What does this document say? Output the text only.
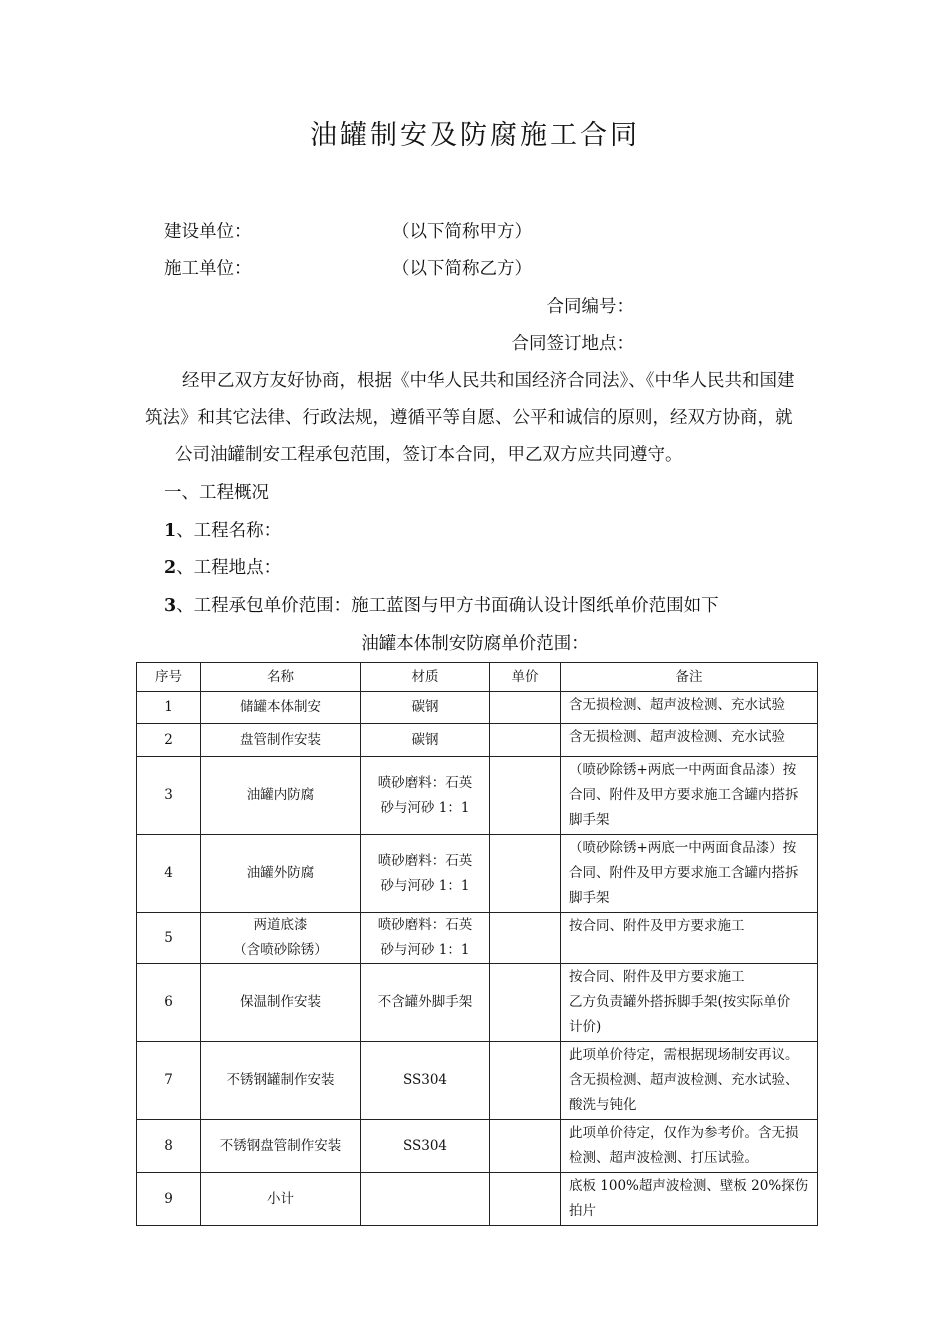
油罐制安及防腐施工合同
建设单位：	（以下简称甲方）
施工单位：	（以下简称乙方）
合同编号：
合同签订地点：

经甲乙双方友好协商，根据《中华人民共和国经济合同法》、《中华人民共和国建筑法》和其它法律、行政法规，遵循平等自愿、公平和诚信的原则，经双方协商，就公司油罐制安工程承包范围，签订本合同，甲乙双方应共同遵守。

一、工程概况
1、工程名称：
2、工程地点：
3、工程承包单价范围：施工蓝图与甲方书面确认设计图纸单价范围如下
油罐本体制安防腐单价范围：
序号	名称	材质	单价	备注
1	储罐本体制安	碳钢		含无损检测、超声波检测、充水试验

2	盘管制作安装	碳钢		含无损检测、超声波检测、充水试验

3	油罐内防腐	喷砂磨料：石英
砂与河砂 1：1		（喷砂除锈+两底一中两面食品漆）按
合同、附件及甲方要求施工含罐内搭拆
脚手架

4	油罐外防腐	喷砂磨料：石英
砂与河砂 1：1		（喷砂除锈+两底一中两面食品漆）按
合同、附件及甲方要求施工含罐内搭拆
脚手架

5	两道底漆
（含喷砂除锈）	喷砂磨料：石英
砂与河砂 1：1		按合同、附件及甲方要求施工

6	保温制作安装	不含罐外脚手架		按合同、附件及甲方要求施工
乙方负责罐外搭拆脚手架(按实际单价
计价)

7	不锈钢罐制作安装	SS304		此项单价待定，需根据现场制安再议。
含无损检测、超声波检测、充水试验、
酸洗与钝化

8	不锈钢盘管制作安装	SS304		此项单价待定，仅作为参考价。含无损
检测、超声波检测、打压试验。

9	小计			底板 100%超声波检测、壁板 20%探伤
拍片
